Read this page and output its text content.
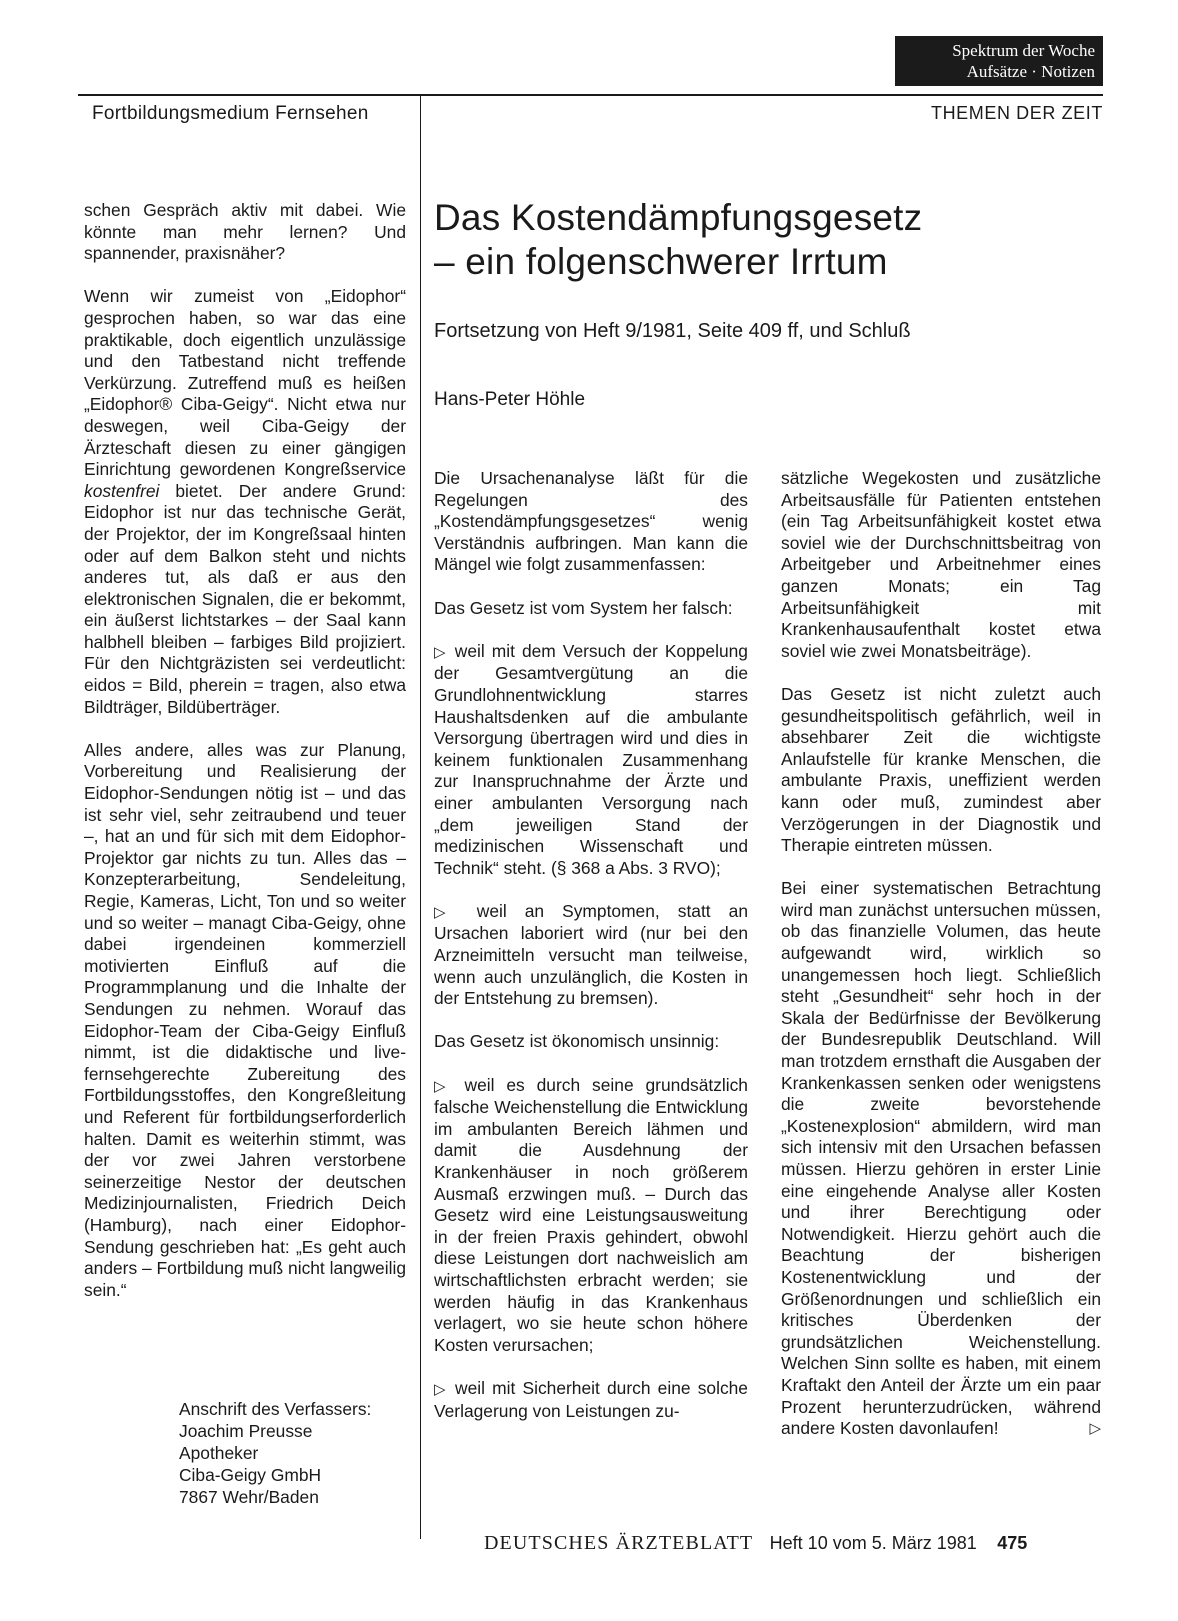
Spektrum der Woche
Aufsätze · Notizen
Fortbildungsmedium Fernsehen	THEMEN DER ZEIT

schen Gespräch aktiv mit dabei. Wie könnte man mehr lernen? Und spannender, praxisnäher?

Wenn wir zumeist von „Eidophor“ gesprochen haben, so war das eine praktikable, doch eigentlich unzulässige und den Tatbestand nicht treffende Verkürzung. Zutreffend muß es heißen „Eidophor® Ciba-Geigy“. Nicht etwa nur deswegen, weil Ciba-Geigy der Ärzteschaft diesen zu einer gängigen Einrichtung gewordenen Kongreßservice kostenfrei bietet. Der andere Grund: Eidophor ist nur das technische Gerät, der Projektor, der im Kongreßsaal hinten oder auf dem Balkon steht und nichts anderes tut, als daß er aus den elektronischen Signalen, die er bekommt, ein äußerst lichtstarkes – der Saal kann halbhell bleiben – farbiges Bild projiziert. Für den Nichtgräzisten sei verdeutlicht: eidos = Bild, pherein = tragen, also etwa Bildträger, Bildüberträger.

Alles andere, alles was zur Planung, Vorbereitung und Realisierung der Eidophor-Sendungen nötig ist – und das ist sehr viel, sehr zeitraubend und teuer –, hat an und für sich mit dem Eidophor-Projektor gar nichts zu tun. Alles das – Konzepterarbeitung, Sendeleitung, Regie, Kameras, Licht, Ton und so weiter und so weiter – managt Ciba-Geigy, ohne dabei irgendeinen kommerziell motivierten Einfluß auf die Programmplanung und die Inhalte der Sendungen zu nehmen. Worauf das Eidophor-Team der Ciba-Geigy Einfluß nimmt, ist die didaktische und live-fernsehgerechte Zubereitung des Fortbildungsstoffes, den Kongreßleitung und Referent für fortbildungserforderlich halten. Damit es weiterhin stimmt, was der vor zwei Jahren verstorbene seinerzeitige Nestor der deutschen Medizinjournalisten, Friedrich Deich (Hamburg), nach einer Eidophor-Sendung geschrieben hat: „Es geht auch anders – Fortbildung muß nicht langweilig sein.“

Anschrift des Verfassers:
Joachim Preusse
Apotheker
Ciba-Geigy GmbH
7867 Wehr/Baden
Das Kostendämpfungsgesetz
– ein folgenschwerer Irrtum
Fortsetzung von Heft 9/1981, Seite 409 ff, und Schluß
Hans-Peter Höhle

Die Ursachenanalyse läßt für die Regelungen des „Kostendämpfungsgesetzes“ wenig Verständnis aufbringen. Man kann die Mängel wie folgt zusammenfassen:

Das Gesetz ist vom System her falsch:

▷ weil mit dem Versuch der Koppelung der Gesamtvergütung an die Grundlohnentwicklung starres Haushaltsdenken auf die ambulante Versorgung übertragen wird und dies in keinem funktionalen Zusammenhang zur Inanspruchnahme der Ärzte und einer ambulanten Versorgung nach „dem jeweiligen Stand der medizinischen Wissenschaft und Technik“ steht. (§ 368 a Abs. 3 RVO);

▷ weil an Symptomen, statt an Ursachen laboriert wird (nur bei den Arzneimitteln versucht man teilweise, wenn auch unzulänglich, die Kosten in der Entstehung zu bremsen).

Das Gesetz ist ökonomisch unsinnig:

▷ weil es durch seine grundsätzlich falsche Weichenstellung die Entwicklung im ambulanten Bereich lähmen und damit die Ausdehnung der Krankenhäuser in noch größerem Ausmaß erzwingen muß. – Durch das Gesetz wird eine Leistungsausweitung in der freien Praxis gehindert, obwohl diese Leistungen dort nachweislich am wirtschaftlichsten erbracht werden; sie werden häufig in das Krankenhaus verlagert, wo sie heute schon höhere Kosten verursachen;

▷ weil mit Sicherheit durch eine solche Verlagerung von Leistungen zu-

sätzliche Wegekosten und zusätzliche Arbeitsausfälle für Patienten entstehen (ein Tag Arbeitsunfähigkeit kostet etwa soviel wie der Durchschnittsbeitrag von Arbeitgeber und Arbeitnehmer eines ganzen Monats; ein Tag Arbeitsunfähigkeit mit Krankenhausaufenthalt kostet etwa soviel wie zwei Monatsbeiträge).

Das Gesetz ist nicht zuletzt auch gesundheitspolitisch gefährlich, weil in absehbarer Zeit die wichtigste Anlaufstelle für kranke Menschen, die ambulante Praxis, uneffizient werden kann oder muß, zumindest aber Verzögerungen in der Diagnostik und Therapie eintreten müssen.

Bei einer systematischen Betrachtung wird man zunächst untersuchen müssen, ob das finanzielle Volumen, das heute aufgewandt wird, wirklich so unangemessen hoch liegt. Schließlich steht „Gesundheit“ sehr hoch in der Skala der Bedürfnisse der Bevölkerung der Bundesrepublik Deutschland. Will man trotzdem ernsthaft die Ausgaben der Krankenkassen senken oder wenigstens die zweite bevorstehende „Kostenexplosion“ abmildern, wird man sich intensiv mit den Ursachen befassen müssen. Hierzu gehören in erster Linie eine eingehende Analyse aller Kosten und ihrer Berechtigung oder Notwendigkeit. Hierzu gehört auch die Beachtung der bisherigen Kostenentwicklung und der Größenordnungen und schließlich ein kritisches Überdenken der grundsätzlichen Weichenstellung. Welchen Sinn sollte es haben, mit einem Kraftakt den Anteil der Ärzte um ein paar Prozent herunterzudrücken, während andere Kosten davonlaufen!	▷

DEUTSCHES ÄRZTEBLATT Heft 10 vom 5. März 1981 475
